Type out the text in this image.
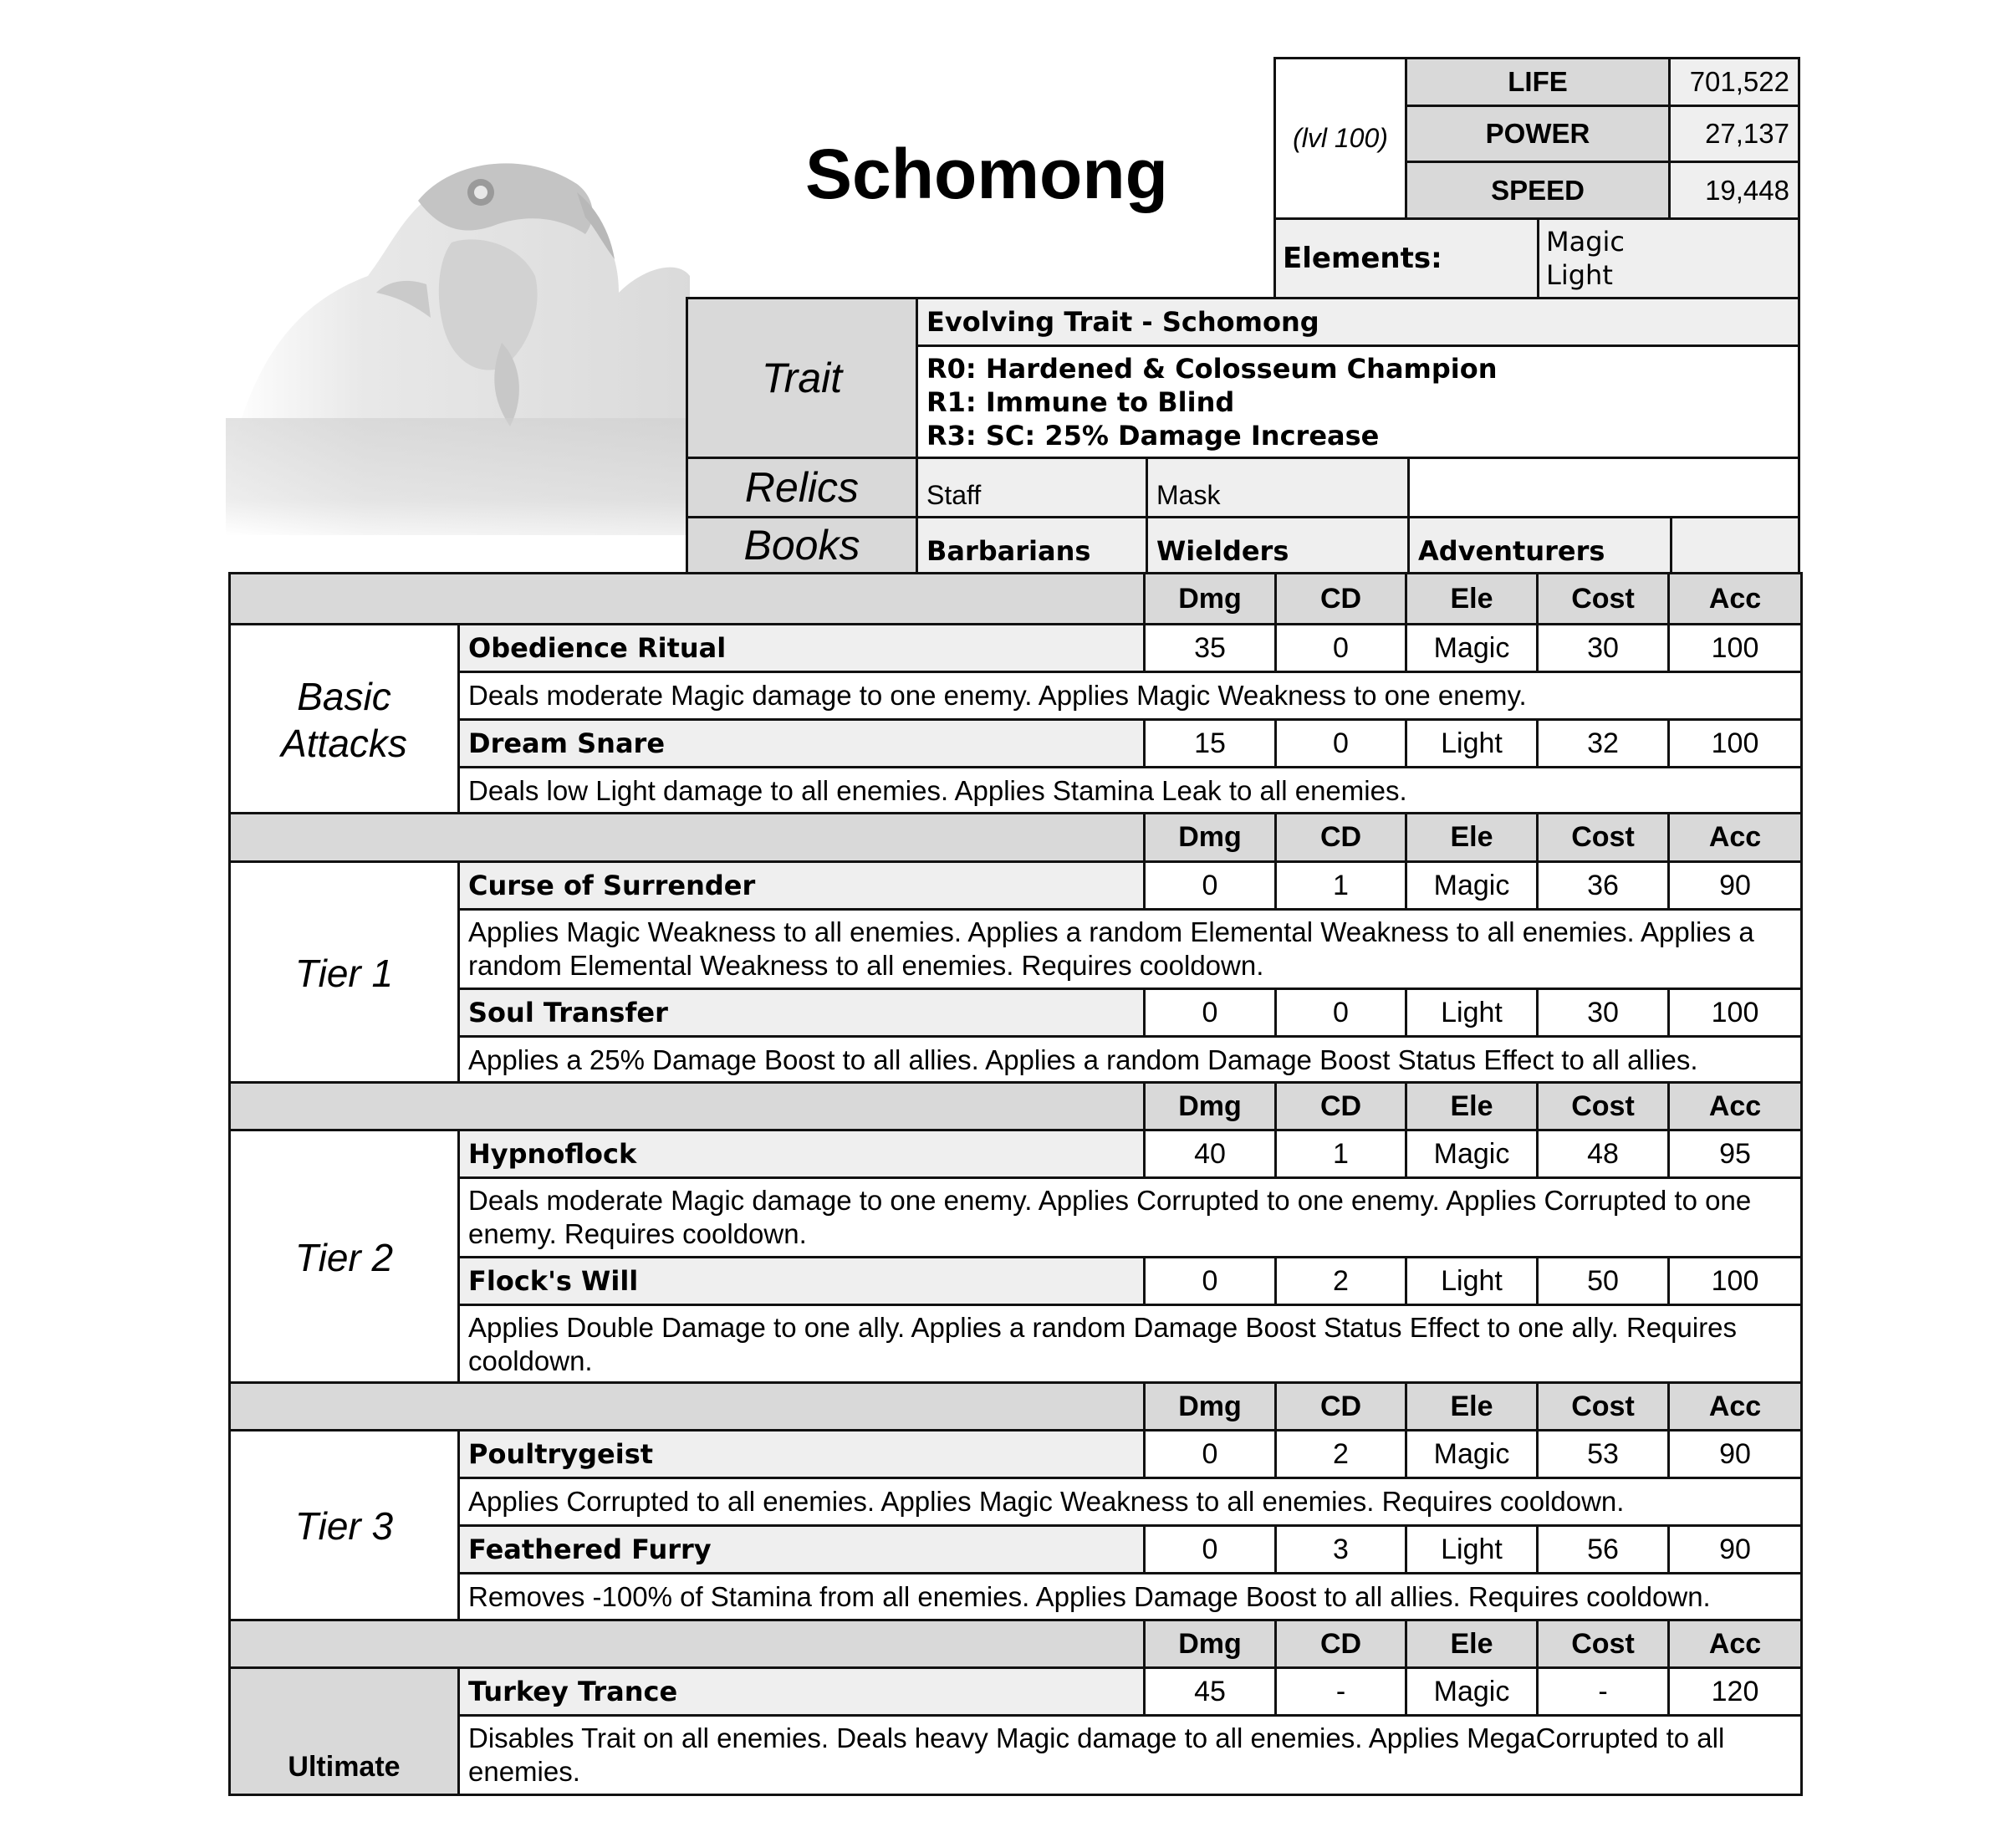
Schomong	(lvl 100)
LIFE	701,522
POWER	27,137
SPEED	19,448
Elements:	Magic
Light
Trait
Evolving Trait - Schomong
R0: Hardened & Colosseum Champion
R1: Immune to Blind
R3: SC: 25% Damage Increase
Relics	Staff	Mask
Books	Barbarians	Wielders	Adventurers
Dmg	CD	Ele	Cost	Acc
Obedience Ritual	35	0	Magic	30	100
Deals moderate Magic damage to one enemy. Applies Magic Weakness to one enemy.
Dream Snare	15	0	Light	32	100
Deals low Light damage to all enemies. Applies Stamina Leak to all enemies.
Basic Attacks
Dmg	CD	Ele	Cost	Acc
Curse of Surrender	0	1	Magic	36	90
Applies Magic Weakness to all enemies. Applies a random Elemental Weakness to all enemies. Applies a random Elemental Weakness to all enemies. Requires cooldown.
Soul Transfer	0	0	Light	30	100
Applies a 25% Damage Boost to all allies. Applies a random Damage Boost Status Effect to all allies.
Tier 1
Dmg	CD	Ele	Cost	Acc
Hypnoflock	40	1	Magic	48	95
Deals moderate Magic damage to one enemy. Applies Corrupted to one enemy. Applies Corrupted to one enemy. Requires cooldown.
Flock's Will	0	2	Light	50	100
Applies Double Damage to one ally. Applies a random Damage Boost Status Effect to one ally. Requires cooldown.
Tier 2
Dmg	CD	Ele	Cost	Acc
Poultrygeist	0	2	Magic	53	90
Applies Corrupted to all enemies. Applies Magic Weakness to all enemies. Requires cooldown.
Feathered Furry	0	3	Light	56	90
Removes -100% of Stamina from all enemies. Applies Damage Boost to all allies. Requires cooldown.
Tier 3
Dmg	CD	Ele	Cost	Acc
Turkey Trance	45	-	Magic	-	120
Disables Trait on all enemies. Deals heavy Magic damage to all enemies. Applies MegaCorrupted to all enemies.
Ultimate
